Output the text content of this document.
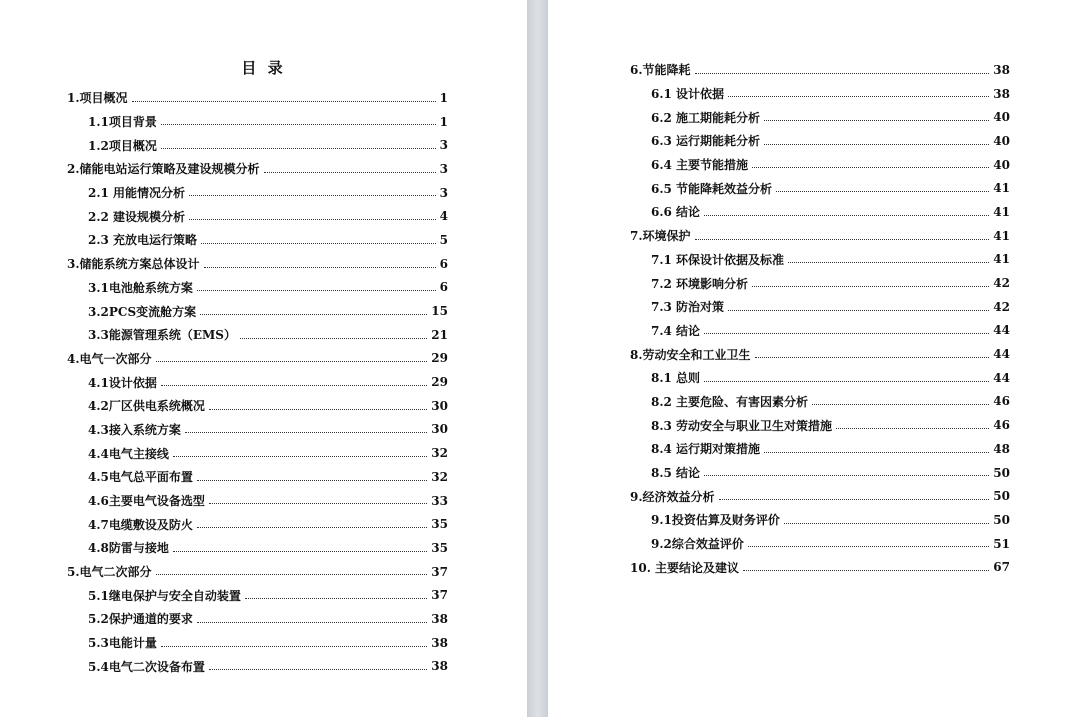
目 录
1.项目概况	1
1.1项目背景	1
1.2项目概况	3
2.储能电站运行策略及建设规模分析	3
2.1 用能情况分析	3
2.2 建设规模分析	4
2.3 充放电运行策略	5
3.储能系统方案总体设计	6
3.1电池舱系统方案	6
3.2PCS变流舱方案	15
3.3能源管理系统（EMS）	21
4.电气一次部分	29
4.1设计依据	29
4.2厂区供电系统概况	30
4.3接入系统方案	30
4.4电气主接线	32
4.5电气总平面布置	32
4.6主要电气设备选型	33
4.7电缆敷设及防火	35
4.8防雷与接地	35
5.电气二次部分	37
5.1继电保护与安全自动装置	37
5.2保护通道的要求	38
5.3电能计量	38
5.4电气二次设备布置	38
6.节能降耗	38
6.1 设计依据	38
6.2 施工期能耗分析	40
6.3 运行期能耗分析	40
6.4 主要节能措施	40
6.5 节能降耗效益分析	41
6.6 结论	41
7.环境保护	41
7.1 环保设计依据及标准	41
7.2 环境影响分析	42
7.3 防治对策	42
7.4 结论	44
8.劳动安全和工业卫生	44
8.1 总则	44
8.2 主要危险、有害因素分析	46
8.3 劳动安全与职业卫生对策措施	46
8.4 运行期对策措施	48
8.5 结论	50
9.经济效益分析	50
9.1投资估算及财务评价	50
9.2综合效益评价	51
10. 主要结论及建议	67
